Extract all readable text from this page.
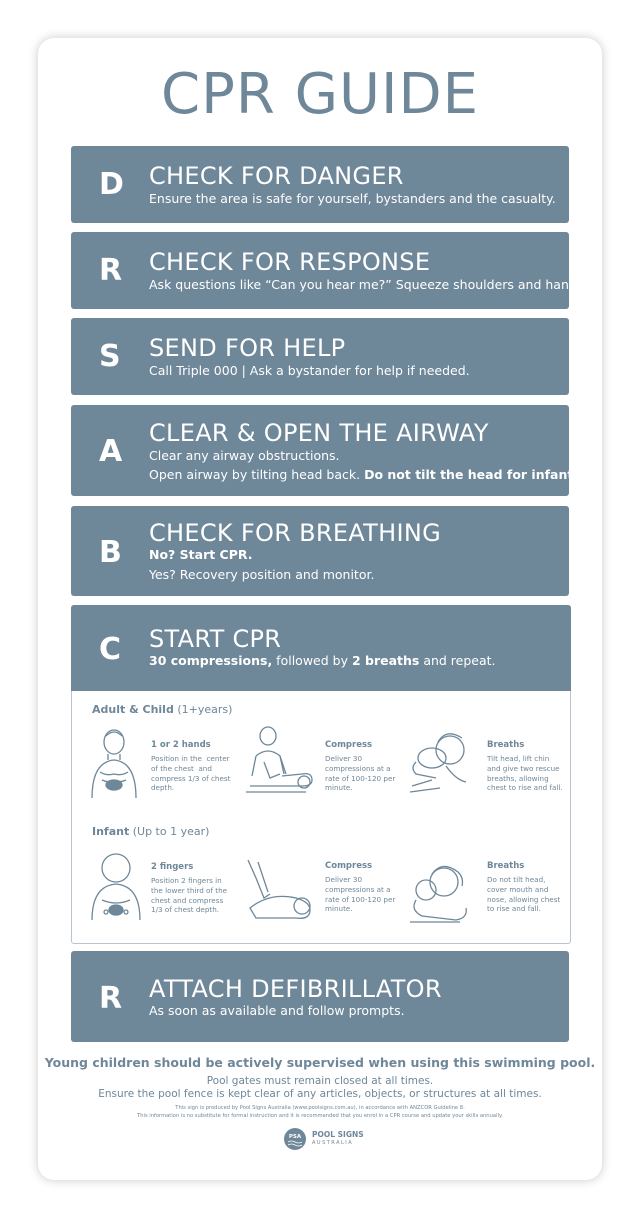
CPR GUIDE
D CHECK FOR DANGER
Ensure the area is safe for yourself, bystanders and the casualty.
R CHECK FOR RESPONSE
Ask questions like “Can you hear me?” Squeeze shoulders and hands.
S SEND FOR HELP
Call Triple 000 | Ask a bystander for help if needed.
A
CLEAR & OPEN THE AIRWAY
Clear any airway obstructions.
Open airway by tilting head back. Do not tilt the head for infants.
B
CHECK FOR BREATHING
No? Start CPR.
Yes? Recovery position and monitor.
C START CPR
30 compressions, followed by 2 breaths and repeat.
Adult & Child (1+years)
1 or 2 hands
Position in the  center
of the chest  and
compress 1/3 of chest
depth.
Compress
Deliver 30
compressions at a
rate of 100-120 per
minute.
Breaths
Tilt head, lift chin
and give two rescue
breaths, allowing
chest to rise and fall.
Infant (Up to 1 year)
2 fingers
Position 2 fingers in
the lower third of the
chest and compress
1/3 of chest depth.
Compress
Deliver 30
compressions at a
rate of 100-120 per
minute.
Breaths
Do not tilt head,
cover mouth and
nose, allowing chest
to rise and fall.
R ATTACH DEFIBRILLATOR
As soon as available and follow prompts.
Young children should be actively supervised when using this swimming pool.
Pool gates must remain closed at all times.
Ensure the pool fence is kept clear of any articles, objects, or structures at all times.
This sign is produced by Pool Signs Australia (www.poolsigns.com.au), in accordance with ANZCOR Guideline 8.
This information is no substitute for formal instruction and it is recommended that you enrol in a CPR course and update your skills annually.
PSA POOL SIGNS
AUSTRALIA
